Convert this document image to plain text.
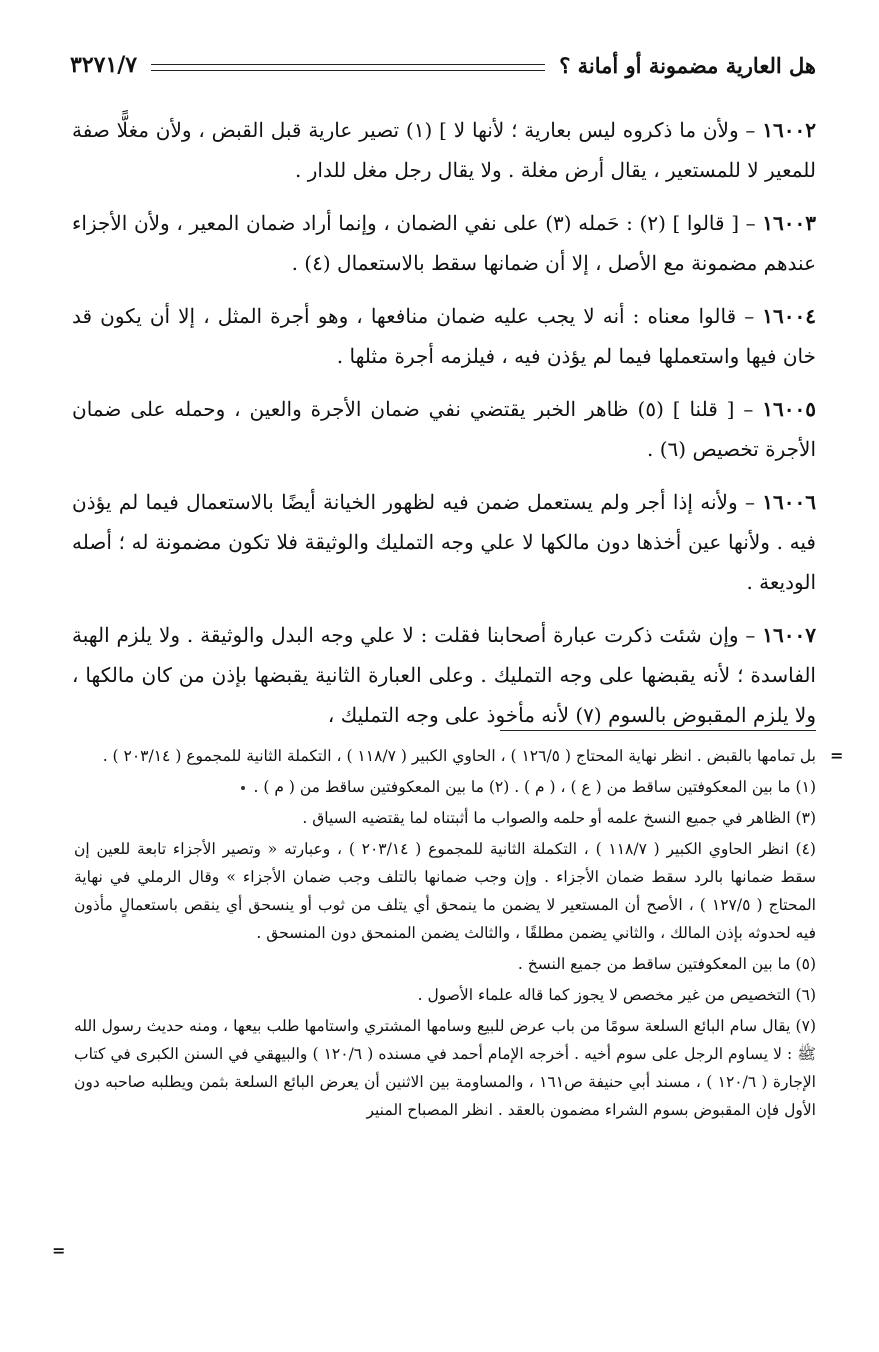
هل العارية مضمونة أو أمانة ؟
٣٢٧١/٧

١٦٠٠٢ – ولأن ما ذكروه ليس بعارية ؛ لأنها لا ] (١) تصير عارية قبل القبض ، ولأن مغلًّا صفة للمعير لا للمستعير ، يقال أرض مغلة . ولا يقال رجل مغل للدار .

١٦٠٠٣ – [ قالوا ] (٢) : حَمله (٣) على نفي الضمان ، وإنما أراد ضمان المعير ، ولأن الأجزاء عندهم مضمونة مع الأصل ، إلا أن ضمانها سقط بالاستعمال (٤) .

١٦٠٠٤ – قالوا معناه : أنه لا يجب عليه ضمان منافعها ، وهو أجرة المثل ، إلا أن يكون قد خان فيها واستعملها فيما لم يؤذن فيه ، فيلزمه أجرة مثلها .

١٦٠٠٥ – [ قلنا ] (٥) ظاهر الخبر يقتضي نفي ضمان الأجرة والعين ، وحمله على ضمان الأجرة تخصيص (٦) .

١٦٠٠٦ – ولأنه إذا أجر ولم يستعمل ضمن فيه لظهور الخيانة أيضًا بالاستعمال فيما لم يؤذن فيه . ولأنها عين أخذها دون مالكها لا علي وجه التمليك والوثيقة فلا تكون مضمونة له ؛ أصله الوديعة .

١٦٠٠٧ – وإن شئت ذكرت عبارة أصحابنا فقلت : لا علي وجه البدل والوثيقة . ولا يلزم الهبة الفاسدة ؛ لأنه يقبضها على وجه التمليك . وعلى العبارة الثانية يقبضها بإذن من كان مالكها ، ولا يلزم المقبوض بالسوم (٧) لأنه مأخوذ على وجه التمليك ،

=

بل تمامها بالقبض . انظر نهاية المحتاج ( ١٢٦/٥ ) ، الحاوي الكبير ( ١١٨/٧ ) ، التكملة الثانية للمجموع ( ٢٠٣/١٤ ) .

(١) ما بين المعكوفتين ساقط من ( ع ) ، ( م ) . (٢) ما بين المعكوفتين ساقط من ( م ) .

(٣) الظاهر في جميع النسخ علمه أو حلمه والصواب ما أثبتناه لما يقتضيه السياق .

(٤) انظر الحاوي الكبير ( ١١٨/٧ ) ، التكملة الثانية للمجموع ( ٢٠٣/١٤ ) ، وعبارته « وتصير الأجزاء تابعة للعين إن سقط ضمانها بالرد سقط ضمان الأجزاء . وإن وجب ضمانها بالتلف وجب ضمان الأجزاء » وقال الرملي في نهاية المحتاج ( ١٢٧/٥ ) ، الأصح أن المستعير لا يضمن ما ينمحق أي يتلف من ثوب أو ينسحق أي ينقص باستعمالٍ مأذون فيه لحدوثه بإذن المالك ، والثاني يضمن مطلقًا ، والثالث يضمن المنمحق دون المنسحق .

(٥) ما بين المعكوفتين ساقط من جميع النسخ .

(٦) التخصيص من غير مخصص لا يجوز كما قاله علماء الأصول .

(٧) يقال سام البائع السلعة سومًا من باب عرض للبيع وسامها المشتري واستامها طلب بيعها ، ومنه حديث رسول الله ﷺ : لا يساوم الرجل على سوم أخيه . أخرجه الإمام أحمد في مسنده ( ١٢٠/٦ ) والبيهقي في السنن الكبرى في كتاب الإجارة ( ١٢٠/٦ ) ، مسند أبي حنيفة ص١٦١ ، والمساومة بين الاثنين أن يعرض البائع السلعة بثمن ويطلبه صاحبه دون الأول فإن المقبوض بسوم الشراء مضمون بالعقد . انظر المصباح المنير

=
